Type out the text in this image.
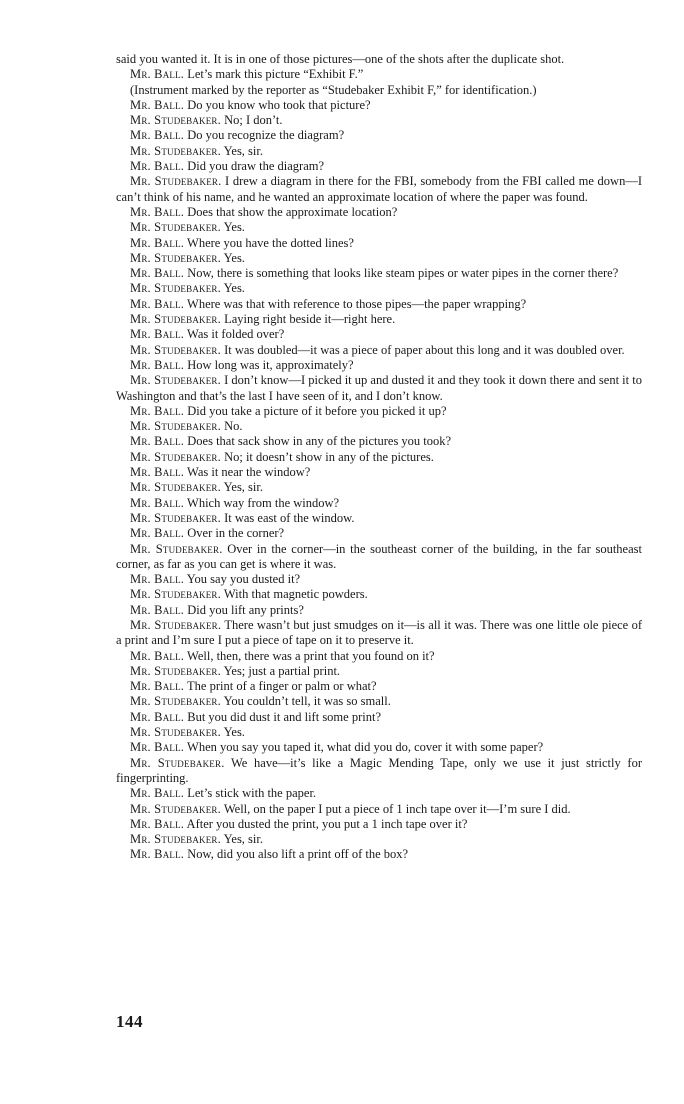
said you wanted it. It is in one of those pictures—one of the shots after the duplicate shot.
Mr. Ball. Let’s mark this picture “Exhibit F.”
(Instrument marked by the reporter as “Studebaker Exhibit F,” for identification.)
Mr. Ball. Do you know who took that picture?
Mr. Studebaker. No; I don’t.
Mr. Ball. Do you recognize the diagram?
Mr. Studebaker. Yes, sir.
Mr. Ball. Did you draw the diagram?
Mr. Studebaker. I drew a diagram in there for the FBI, somebody from the FBI called me down—I can’t think of his name, and he wanted an approximate location of where the paper was found.
Mr. Ball. Does that show the approximate location?
Mr. Studebaker. Yes.
Mr. Ball. Where you have the dotted lines?
Mr. Studebaker. Yes.
Mr. Ball. Now, there is something that looks like steam pipes or water pipes in the corner there?
Mr. Studebaker. Yes.
Mr. Ball. Where was that with reference to those pipes—the paper wrapping?
Mr. Studebaker. Laying right beside it—right here.
Mr. Ball. Was it folded over?
Mr. Studebaker. It was doubled—it was a piece of paper about this long and it was doubled over.
Mr. Ball. How long was it, approximately?
Mr. Studebaker. I don’t know—I picked it up and dusted it and they took it down there and sent it to Washington and that’s the last I have seen of it, and I don’t know.
Mr. Ball. Did you take a picture of it before you picked it up?
Mr. Studebaker. No.
Mr. Ball. Does that sack show in any of the pictures you took?
Mr. Studebaker. No; it doesn’t show in any of the pictures.
Mr. Ball. Was it near the window?
Mr. Studebaker. Yes, sir.
Mr. Ball. Which way from the window?
Mr. Studebaker. It was east of the window.
Mr. Ball. Over in the corner?
Mr. Studebaker. Over in the corner—in the southeast corner of the building, in the far southeast corner, as far as you can get is where it was.
Mr. Ball. You say you dusted it?
Mr. Studebaker. With that magnetic powders.
Mr. Ball. Did you lift any prints?
Mr. Studebaker. There wasn’t but just smudges on it—is all it was. There was one little ole piece of a print and I’m sure I put a piece of tape on it to preserve it.
Mr. Ball. Well, then, there was a print that you found on it?
Mr. Studebaker. Yes; just a partial print.
Mr. Ball. The print of a finger or palm or what?
Mr. Studebaker. You couldn’t tell, it was so small.
Mr. Ball. But you did dust it and lift some print?
Mr. Studebaker. Yes.
Mr. Ball. When you say you taped it, what did you do, cover it with some paper?
Mr. Studebaker. We have—it’s like a Magic Mending Tape, only we use it just strictly for fingerprinting.
Mr. Ball. Let’s stick with the paper.
Mr. Studebaker. Well, on the paper I put a piece of 1 inch tape over it—I’m sure I did.
Mr. Ball. After you dusted the print, you put a 1 inch tape over it?
Mr. Studebaker. Yes, sir.
Mr. Ball. Now, did you also lift a print off of the box?
144
